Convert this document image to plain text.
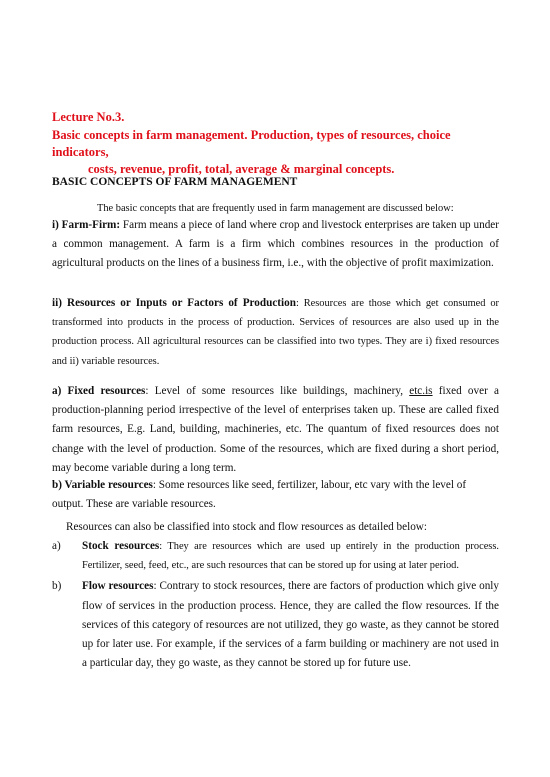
Lecture No.3.
Basic concepts in farm management. Production, types of resources, choice indicators,
costs, revenue, profit, total, average & marginal concepts.
BASIC CONCEPTS OF FARM MANAGEMENT
The basic concepts that are frequently used in farm management are discussed below:
i) Farm-Firm: Farm means a piece of land where crop and livestock enterprises are taken up under a common management. A farm is a firm which combines resources in the production of agricultural products on the lines of a business firm, i.e., with the objective of profit maximization.
ii) Resources or Inputs or Factors of Production: Resources are those which get consumed or transformed into products in the process of production. Services of resources are also used up in the production process. All agricultural resources can be classified into two types. They are i) fixed resources and ii) variable resources.
a) Fixed resources: Level of some resources like buildings, machinery, etc.is fixed over a production-planning period irrespective of the level of enterprises taken up. These are called fixed farm resources, E.g. Land, building, machineries, etc. The quantum of fixed resources does not change with the level of production. Some of the resources, which are fixed during a short period, may become variable during a long term.
b) Variable resources: Some resources like seed, fertilizer, labour, etc vary with the level of output. These are variable resources.
Resources can also be classified into stock and flow resources as detailed below:
a) Stock resources: They are resources which are used up entirely in the production process. Fertilizer, seed, feed, etc., are such resources that can be stored up for using at later period.
b) Flow resources: Contrary to stock resources, there are factors of production which give only flow of services in the production process. Hence, they are called the flow resources. If the services of this category of resources are not utilized, they go waste, as they cannot be stored up for later use. For example, if the services of a farm building or machinery are not used in a particular day, they go waste, as they cannot be stored up for future use.
